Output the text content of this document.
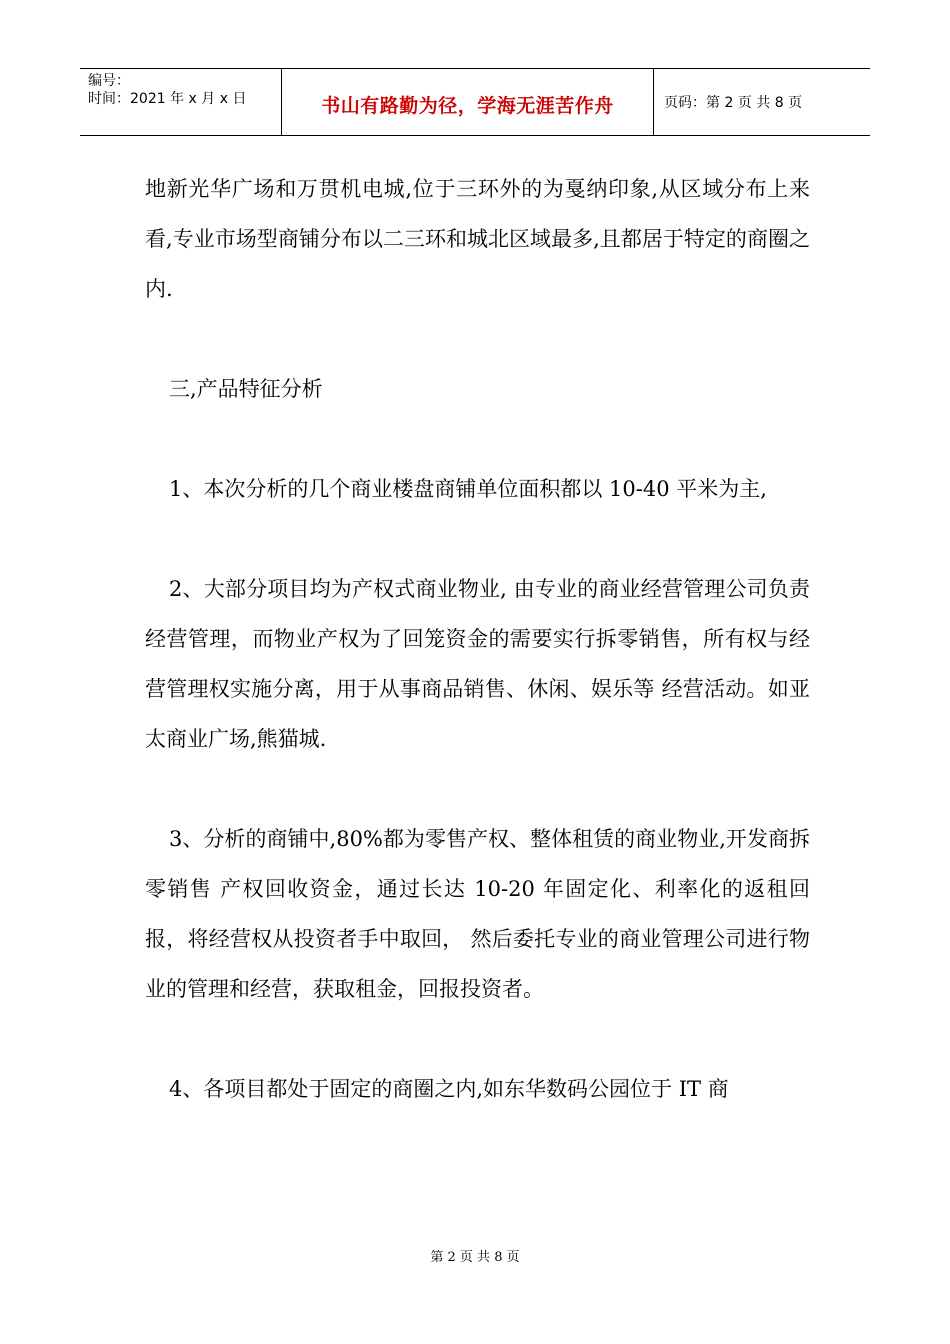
编号：
时间：2021 年 x 月 x 日	书山有路勤为径，学海无涯苦作舟	页码：第 2 页 共 8 页

地新光华广场和万贯机电城,位于三环外的为戛纳印象,从区域分布上来看,专业市场型商铺分布以二三环和城北区域最多,且都居于特定的商圈之内.

三,产品特征分析

1、本次分析的几个商业楼盘商铺单位面积都以 10-40 平米为主,

2、大部分项目均为产权式商业物业, 由专业的商业经营管理公司负责经营管理，而物业产权为了回笼资金的需要实行拆零销售，所有权与经营管理权实施分离，用于从事商品销售、休闲、娱乐等 经营活动。如亚太商业广场,熊猫城.

3、分析的商铺中,80%都为零售产权、整体租赁的商业物业,开发商拆零销售 产权回收资金，通过长达 10-20 年固定化、利率化的返租回报，将经营权从投资者手中取回， 然后委托专业的商业管理公司进行物业的管理和经营，获取租金，回报投资者。

4、各项目都处于固定的商圈之内,如东华数码公园位于 IT 商

第 2 页 共 8 页
